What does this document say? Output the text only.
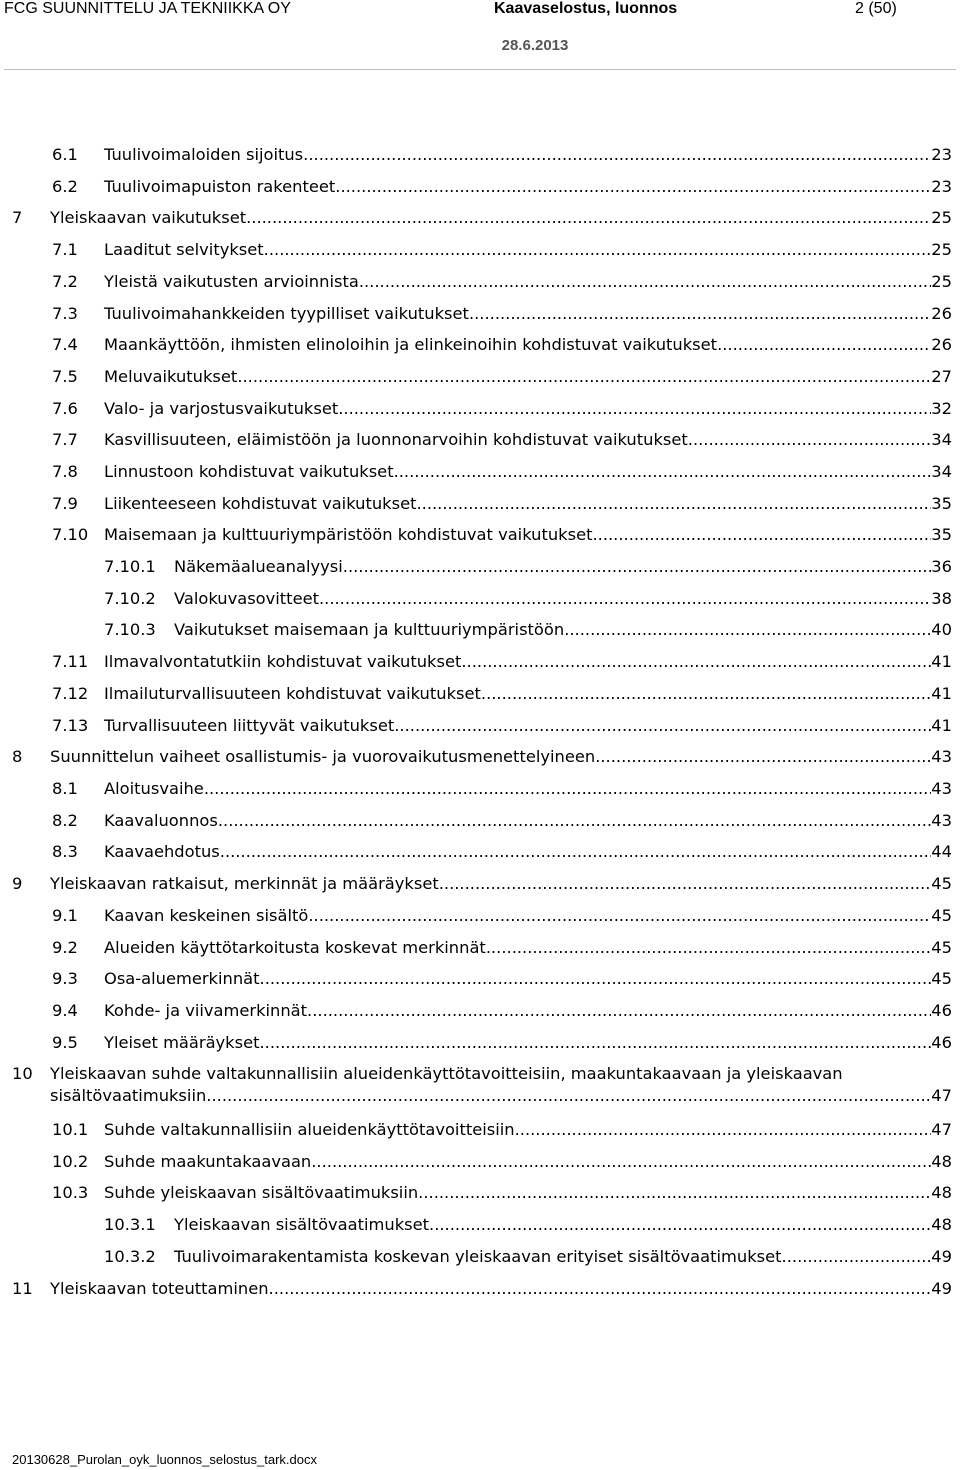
FCG SUUNNITTELU JA TEKNIIKKA OY	Kaavaselostus, luonnos	2 (50)
28.6.2013
6.1 Tuulivoimaloiden sijoitus .....	23
6.2 Tuulivoimapuiston rakenteet .....	23
7 Yleiskaavan vaikutukset .....	25
7.1 Laaditut selvitykset .....	25
7.2 Yleistä vaikutusten arvioinnista .....	25
7.3 Tuulivoimahankkeiden tyypilliset vaikutukset .....	26
7.4 Maankäyttöön, ihmisten elinoloihin ja elinkeinoihin kohdistuvat vaikutukset .....	26
7.5 Meluvaikutukset .....	27
7.6 Valo- ja varjostusvaikutukset .....	32
7.7 Kasvillisuuteen, eläimistöön ja luonnonarvoihin kohdistuvat vaikutukset .....	34
7.8 Linnustoon kohdistuvat vaikutukset .....	34
7.9 Liikenteeseen kohdistuvat vaikutukset .....	35
7.10 Maisemaan ja kulttuuriympäristöön kohdistuvat vaikutukset .....	35
7.10.1 Näkemäalueanalyysi .....	36
7.10.2 Valokuvasovitteet .....	38
7.10.3 Vaikutukset maisemaan ja kulttuuriympäristöön .....	40
7.11 Ilmavalvontatutkiin kohdistuvat vaikutukset .....	41
7.12 Ilmailuturvallisuuteen kohdistuvat vaikutukset .....	41
7.13 Turvallisuuteen liittyvät vaikutukset .....	41
8 Suunnittelun vaiheet osallistumis- ja vuorovaikutusmenettelyineen .....	43
8.1 Aloitusvaihe .....	43
8.2 Kaavaluonnos .....	43
8.3 Kaavaehdotus .....	44
9 Yleiskaavan ratkaisut, merkinnät ja määräykset .....	45
9.1 Kaavan keskeinen sisältö .....	45
9.2 Alueiden käyttötarkoitusta koskevat merkinnät .....	45
9.3 Osa-aluemerkinnät .....	45
9.4 Kohde- ja viivamerkinnät .....	46
9.5 Yleiset määräykset .....	46
10 Yleiskaavan suhde valtakunnallisiin alueidenkäyttötavoitteisiin, maakuntakaavaan ja yleiskaavan
sisältövaatimuksiin .....	47
10.1 Suhde valtakunnallisiin alueidenkäyttötavoitteisiin .....	47
10.2 Suhde maakuntakaavaan .....	48
10.3 Suhde yleiskaavan sisältövaatimuksiin .....	48
10.3.1 Yleiskaavan sisältövaatimukset .....	48
10.3.2 Tuulivoimarakentamista koskevan yleiskaavan erityiset sisältövaatimukset .....	49
11 Yleiskaavan toteuttaminen .....	49
20130628_Purolan_oyk_luonnos_selostus_tark.docx
